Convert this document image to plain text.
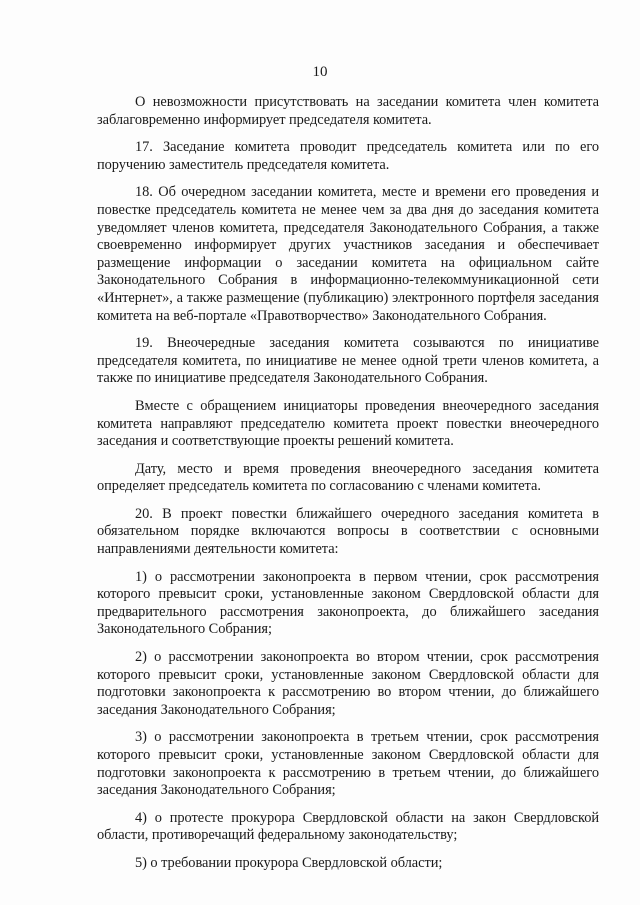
10

О невозможности присутствовать на заседании комитета член комитета заблаговременно информирует председателя комитета.

17. Заседание комитета проводит председатель комитета или по его поручению заместитель председателя комитета.

18. Об очередном заседании комитета, месте и времени его проведения и повестке председатель комитета не менее чем за два дня до заседания комитета уведомляет членов комитета, председателя Законодательного Собрания, а также своевременно информирует других участников заседания и обеспечивает размещение информации о заседании комитета на официальном сайте Законодательного Собрания в информационно-телекоммуникационной сети «Интернет», а также размещение (публикацию) электронного портфеля заседания комитета на веб-портале «Правотворчество» Законодательного Собрания.

19. Внеочередные заседания комитета созываются по инициативе председателя комитета, по инициативе не менее одной трети членов комитета, а также по инициативе председателя Законодательного Собрания.

Вместе с обращением инициаторы проведения внеочередного заседания комитета направляют председателю комитета проект повестки внеочередного заседания и соответствующие проекты решений комитета.

Дату, место и время проведения внеочередного заседания комитета определяет председатель комитета по согласованию с членами комитета.

20. В проект повестки ближайшего очередного заседания комитета в обязательном порядке включаются вопросы в соответствии с основными направлениями деятельности комитета:

1) о рассмотрении законопроекта в первом чтении, срок рассмотрения которого превысит сроки, установленные законом Свердловской области для предварительного рассмотрения законопроекта, до ближайшего заседания Законодательного Собрания;

2) о рассмотрении законопроекта во втором чтении, срок рассмотрения которого превысит сроки, установленные законом Свердловской области для подготовки законопроекта к рассмотрению во втором чтении, до ближайшего заседания Законодательного Собрания;

3) о рассмотрении законопроекта в третьем чтении, срок рассмотрения которого превысит сроки, установленные законом Свердловской области для подготовки законопроекта к рассмотрению в третьем чтении, до ближайшего заседания Законодательного Собрания;

4) о протесте прокурора Свердловской области на закон Свердловской области, противоречащий федеральному законодательству;

5) о требовании прокурора Свердловской области;
